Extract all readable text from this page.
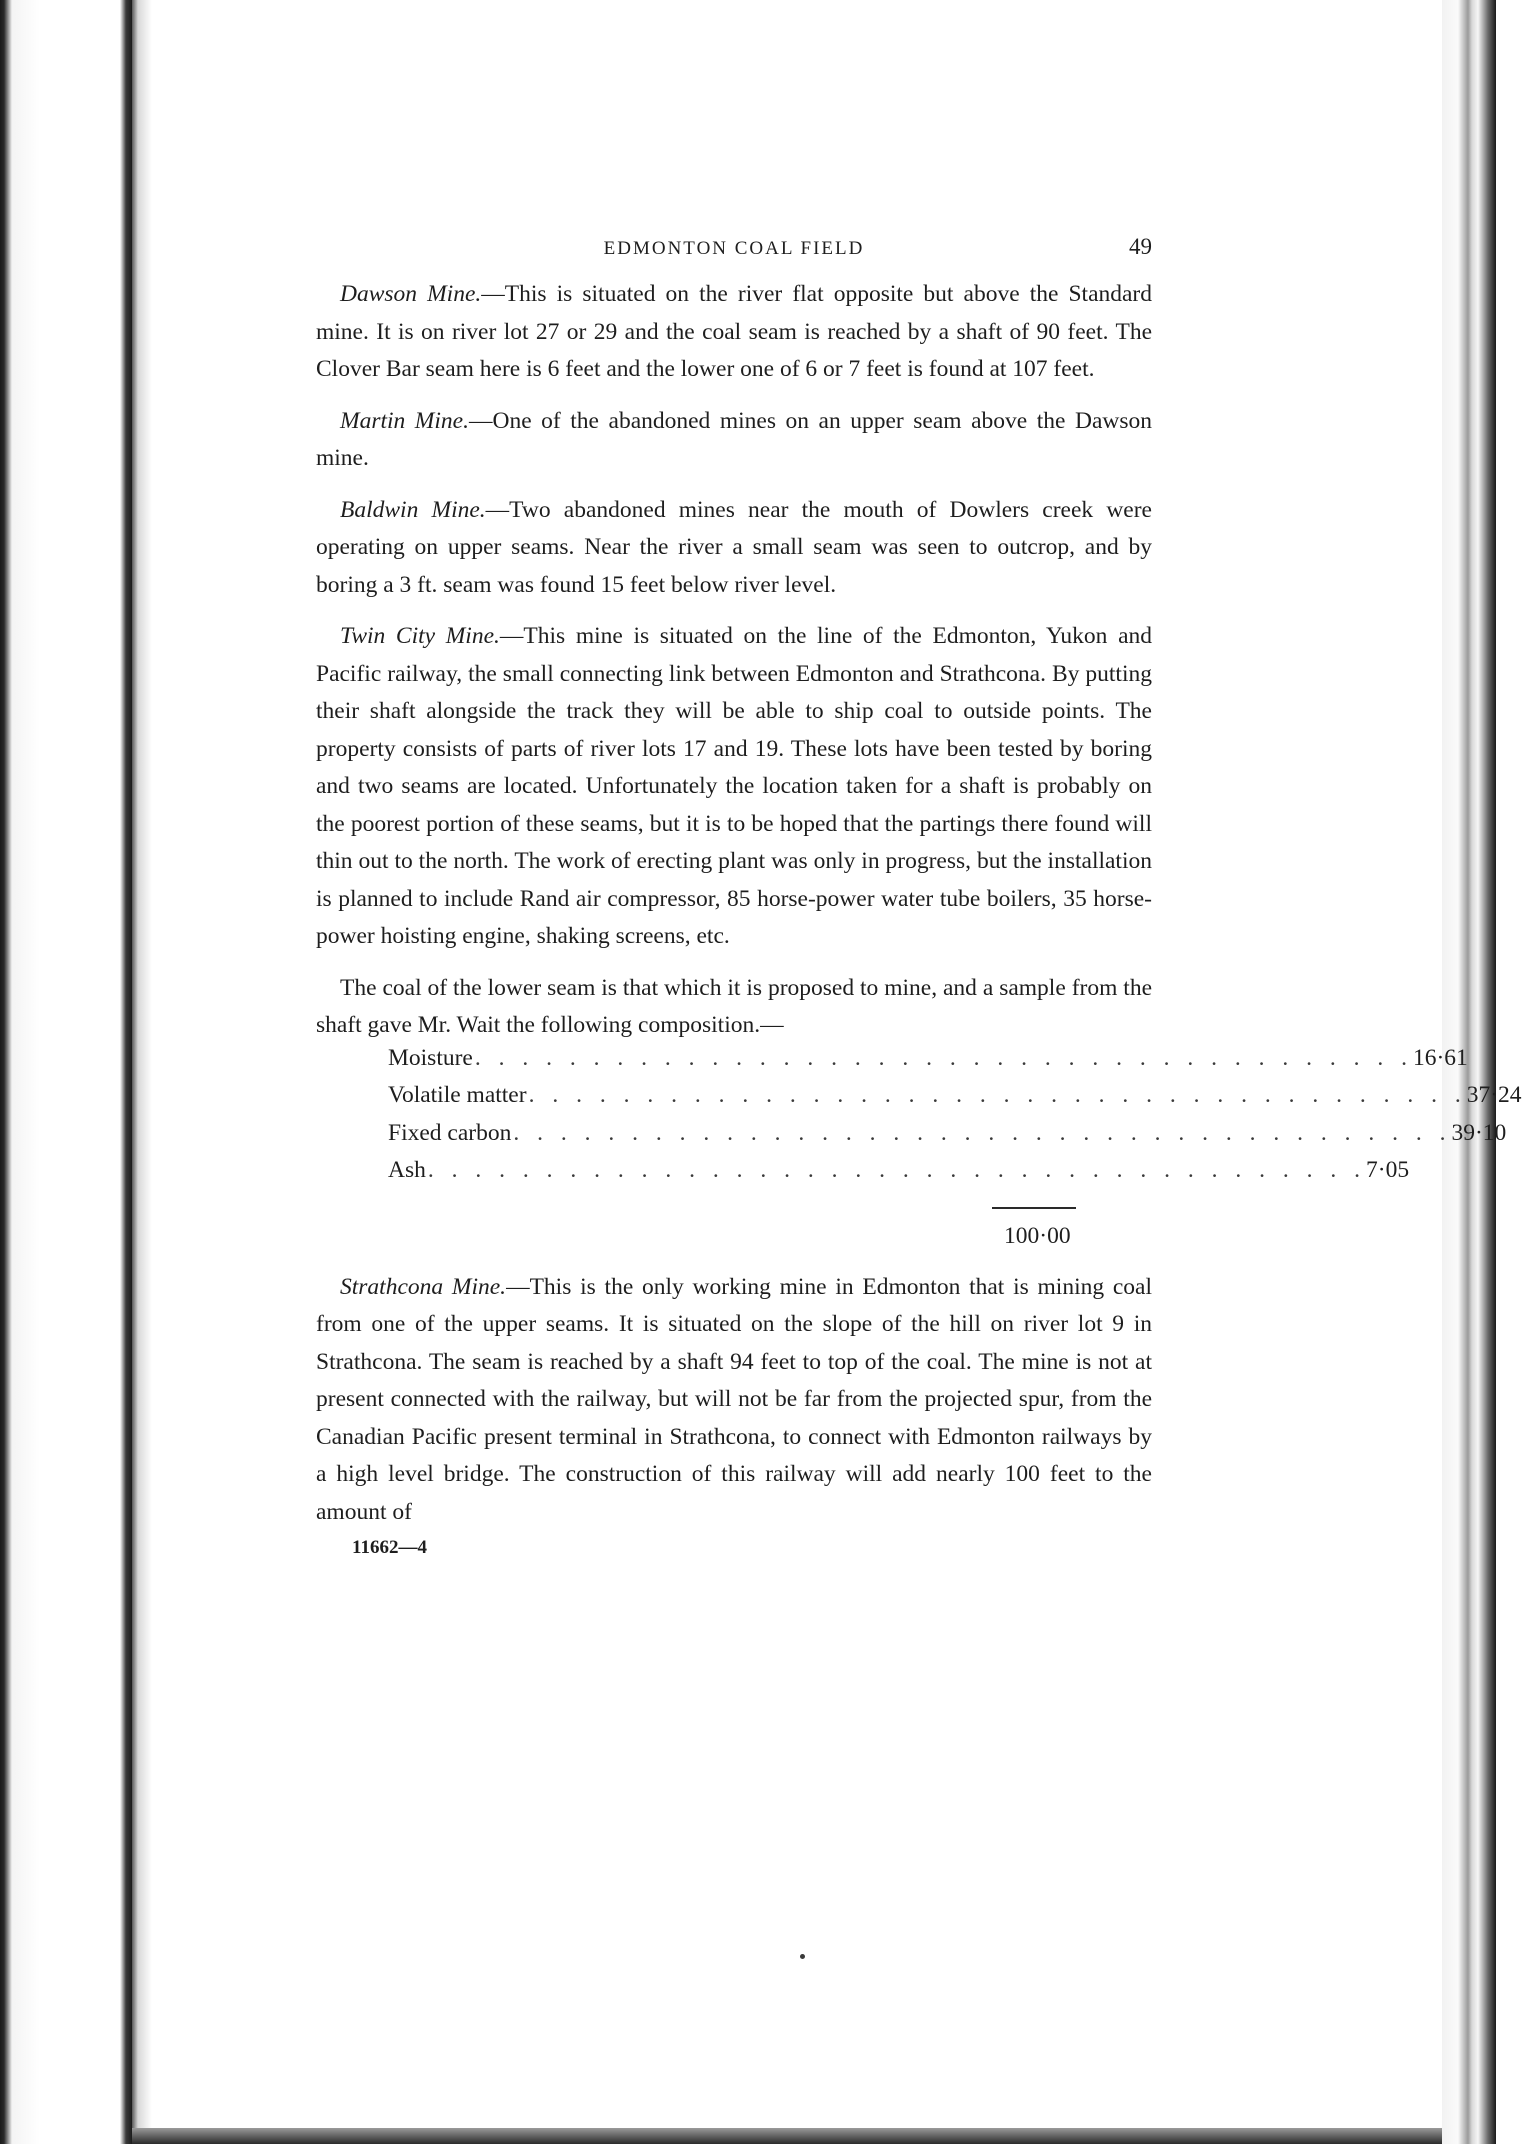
EDMONTON COAL FIELD	49

Dawson Mine.—This is situated on the river flat opposite but above the Standard mine. It is on river lot 27 or 29 and the coal seam is reached by a shaft of 90 feet. The Clover Bar seam here is 6 feet and the lower one of 6 or 7 feet is found at 107 feet.

Martin Mine.—One of the abandoned mines on an upper seam above the Dawson mine.

Baldwin Mine.—Two abandoned mines near the mouth of Dowlers creek were operating on upper seams. Near the river a small seam was seen to outcrop, and by boring a 3 ft. seam was found 15 feet below river level.

Twin City Mine.—This mine is situated on the line of the Edmonton, Yukon and Pacific railway, the small connecting link between Edmonton and Strathcona. By putting their shaft alongside the track they will be able to ship coal to outside points. The property consists of parts of river lots 17 and 19. These lots have been tested by boring and two seams are located. Unfortunately the location taken for a shaft is probably on the poorest portion of these seams, but it is to be hoped that the partings there found will thin out to the north. The work of erecting plant was only in progress, but the installation is planned to include Rand air compressor, 85 horse-power water tube boilers, 35 horse-power hoisting engine, shaking screens, etc.

The coal of the lower seam is that which it is proposed to mine, and a sample from the shaft gave Mr. Wait the following composition.—

Moisture . . . . . . . . . . . . . . . . . . . . . . . . . . . . . . . . . . . . . . . . 16·61
Volatile matter . . . . . . . . . . . . . . . . . . . . . . . . . . . . . . . . . . . . . . . . 37·24
Fixed carbon . . . . . . . . . . . . . . . . . . . . . . . . . . . . . . . . . . . . . . . . 39·10
Ash . . . . . . . . . . . . . . . . . . . . . . . . . . . . . . . . . . . . . . . . 7·05
100·00

Strathcona Mine.—This is the only working mine in Edmonton that is mining coal from one of the upper seams. It is situated on the slope of the hill on river lot 9 in Strathcona. The seam is reached by a shaft 94 feet to top of the coal. The mine is not at present connected with the railway, but will not be far from the projected spur, from the Canadian Pacific present terminal in Strathcona, to connect with Edmonton railways by a high level bridge. The construction of this railway will add nearly 100 feet to the amount of

11662—4
